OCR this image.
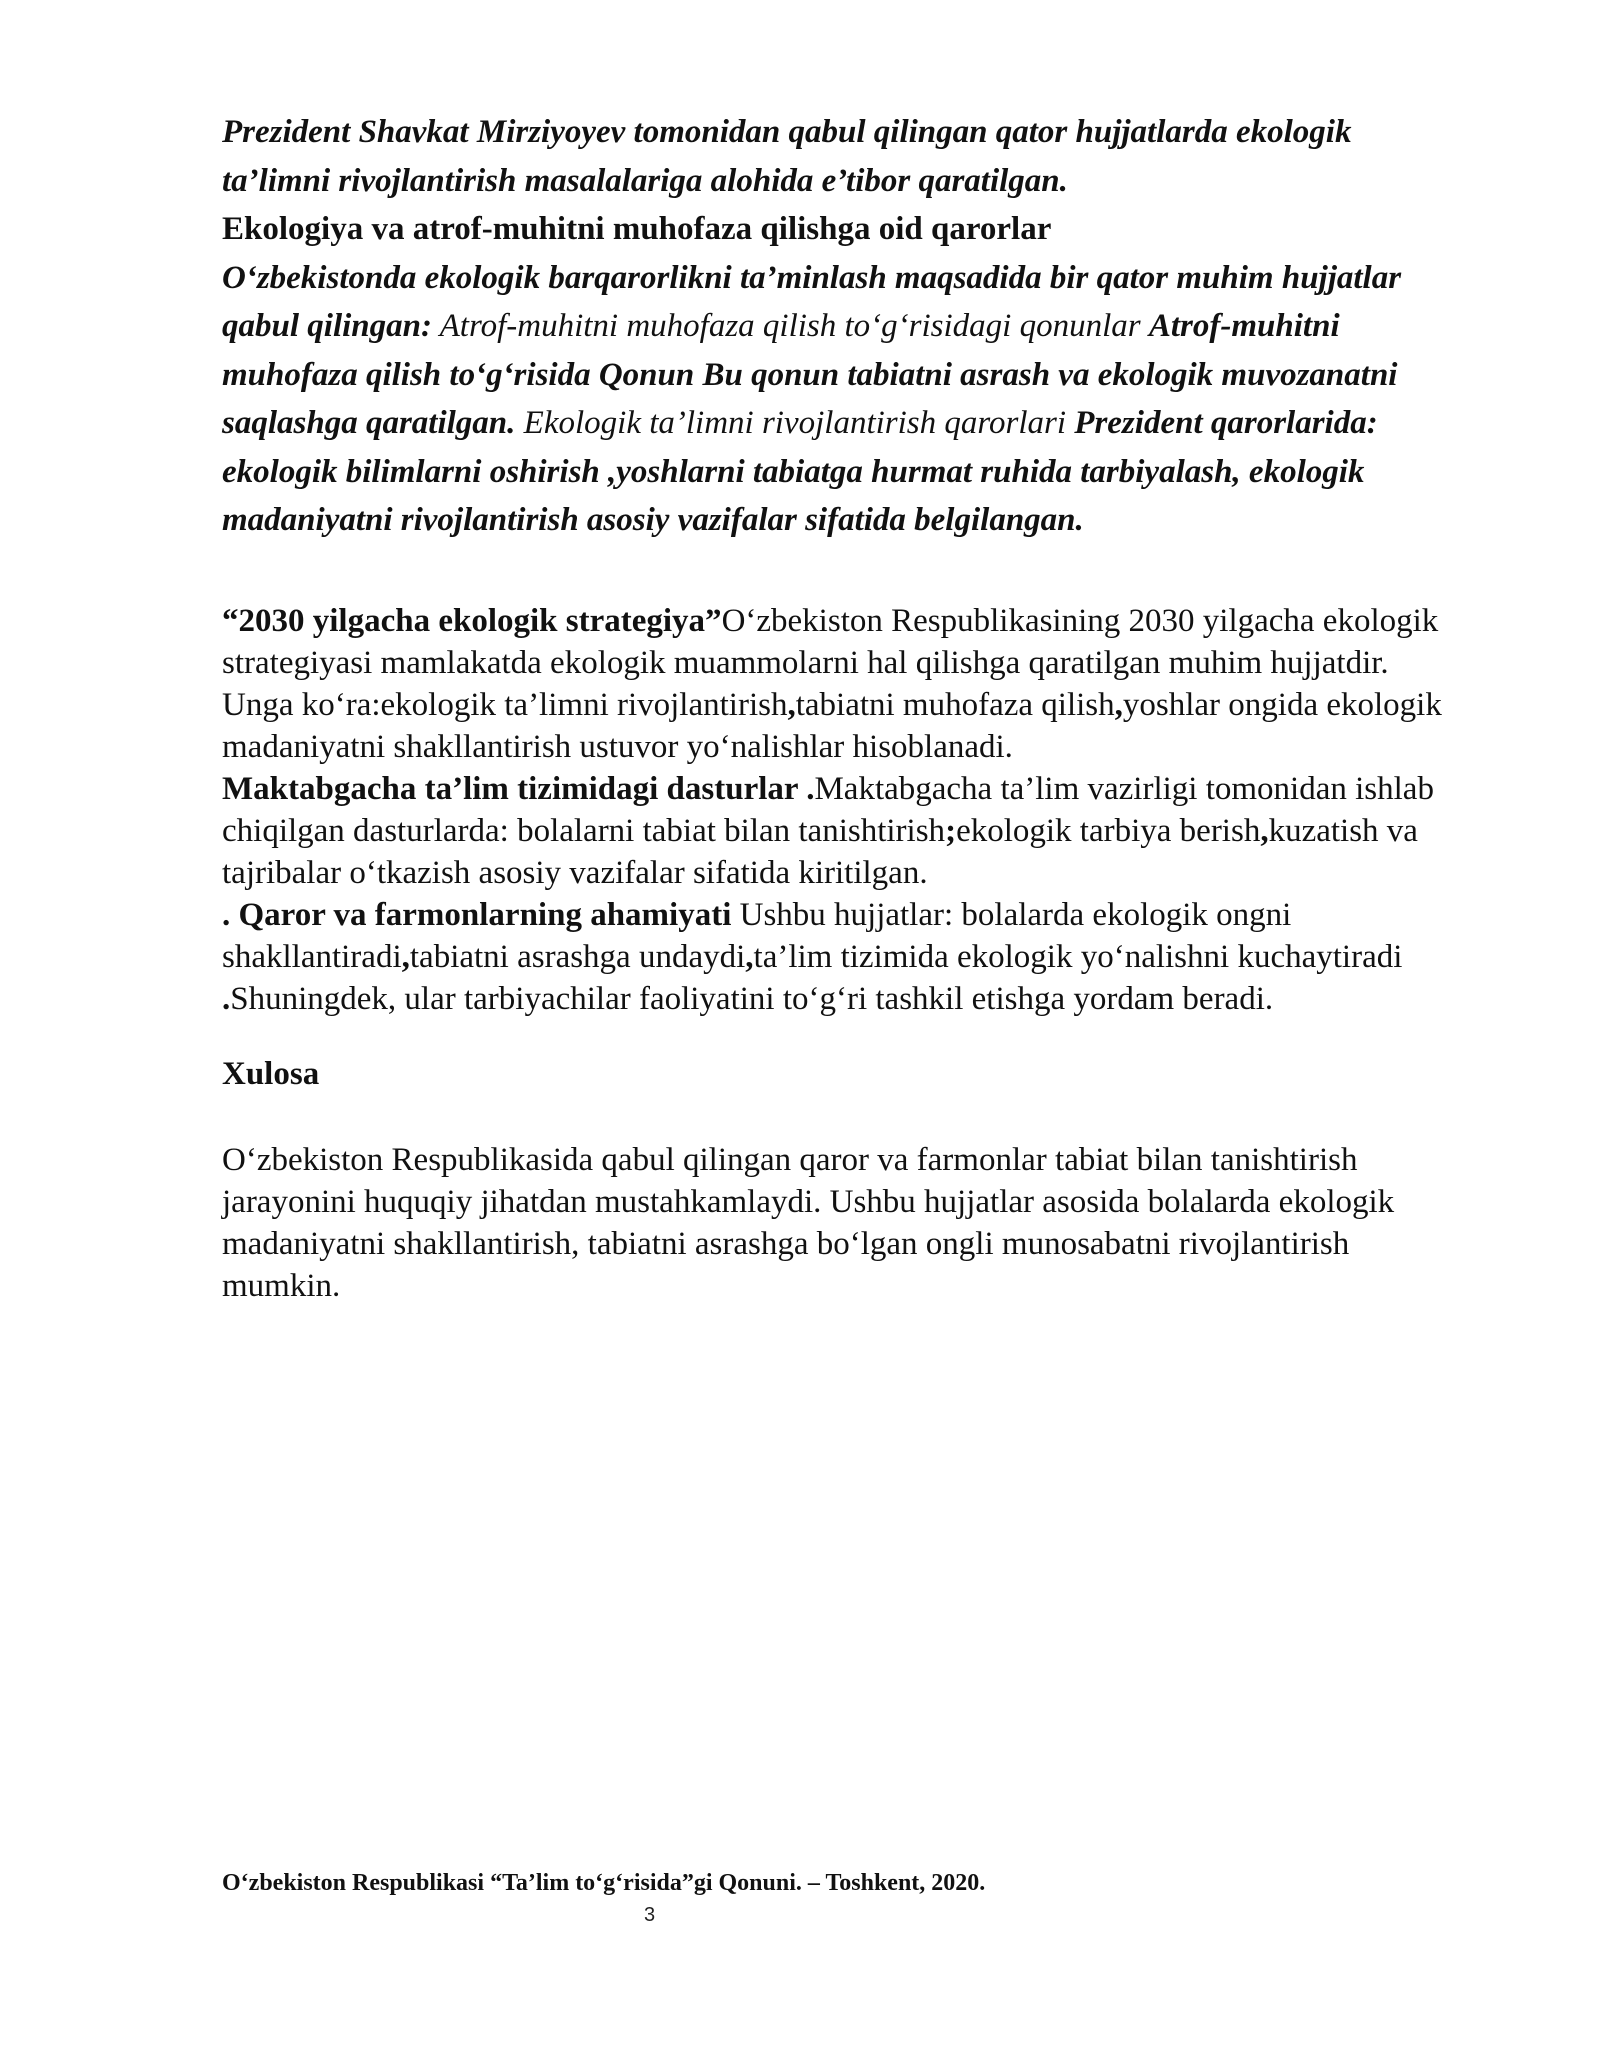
Prezident Shavkat Mirziyoyev tomonidan qabul qilingan qator hujjatlarda ekologik ta’limni rivojlantirish masalalariga alohida e’tibor qaratilgan.
Ekologiya va atrof-muhitni muhofaza qilishga oid qarorlar
O‘zbekistonda ekologik barqarorlikni ta’minlash maqsadida bir qator muhim hujjatlar qabul qilingan: Atrof-muhitni muhofaza qilish to‘g‘risidagi qonunlar Atrof-muhitni muhofaza qilish to‘g‘risida Qonun Bu qonun tabiatni asrash va ekologik muvozanatni saqlashga qaratilgan. Ekologik ta’limni rivojlantirish qarorlari Prezident qarorlarida: ekologik bilimlarni oshirish ,yoshlarni tabiatga hurmat ruhida tarbiyalash, ekologik madaniyatni rivojlantirish asosiy vazifalar sifatida belgilangan.

“2030 yilgacha ekologik strategiya”O‘zbekiston Respublikasining 2030 yilgacha ekologik strategiyasi mamlakatda ekologik muammolarni hal qilishga qaratilgan muhim hujjatdir. Unga ko‘ra:ekologik ta’limni rivojlantirish,tabiatni muhofaza qilish,yoshlar ongida ekologik madaniyatni shakllantirish ustuvor yo‘nalishlar hisoblanadi.

Maktabgacha ta’lim tizimidagi dasturlar .Maktabgacha ta’lim vazirligi tomonidan ishlab chiqilgan dasturlarda: bolalarni tabiat bilan tanishtirish;ekologik tarbiya berish,kuzatish va tajribalar o‘tkazish asosiy vazifalar sifatida kiritilgan.

. Qaror va farmonlarning ahamiyati Ushbu hujjatlar: bolalarda ekologik ongni shakllantiradi,tabiatni asrashga undaydi,ta’lim tizimida ekologik yo‘nalishni kuchaytiradi .Shuningdek, ular tarbiyachilar faoliyatini to‘g‘ri tashkil etishga yordam beradi.

Xulosa

O‘zbekiston Respublikasida qabul qilingan qaror va farmonlar tabiat bilan tanishtirish jarayonini huquqiy jihatdan mustahkamlaydi. Ushbu hujjatlar asosida bolalarda ekologik madaniyatni shakllantirish, tabiatni asrashga bo‘lgan ongli munosabatni rivojlantirish mumkin.

O‘zbekiston Respublikasi “Ta’lim to‘g‘risida”gi Qonuni. – Toshkent, 2020.
3
